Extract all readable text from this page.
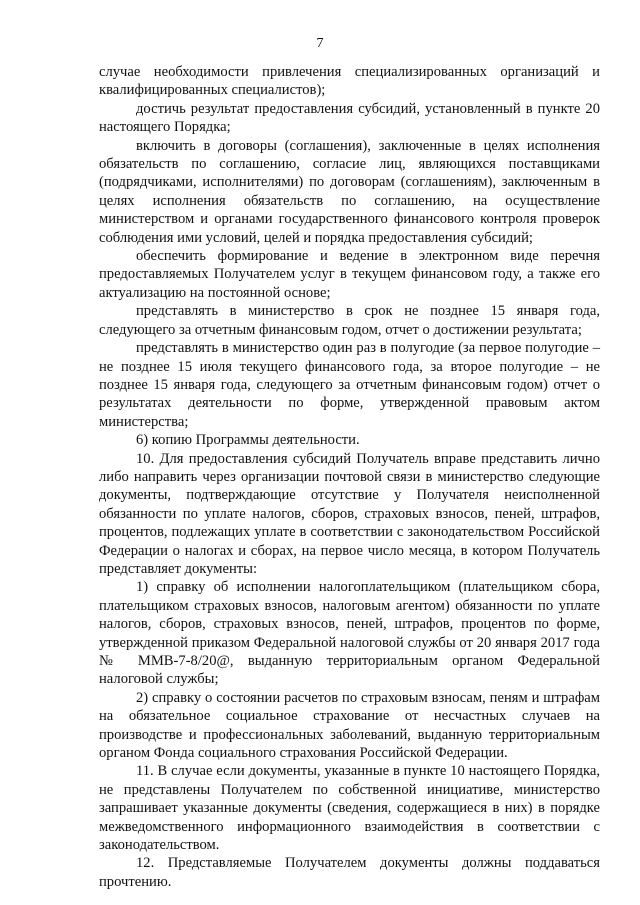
7

случае необходимости привлечения специализированных организаций и квалифицированных специалистов);

достичь результат предоставления субсидий, установленный в пункте 20 настоящего Порядка;

включить в договоры (соглашения), заключенные в целях исполнения обязательств по соглашению, согласие лиц, являющихся поставщиками (подрядчиками, исполнителями) по договорам (соглашениям), заключенным в целях исполнения обязательств по соглашению, на осуществление министерством и органами государственного финансового контроля проверок соблюдения ими условий, целей и порядка предоставления субсидий;

обеспечить формирование и ведение в электронном виде перечня предоставляемых Получателем услуг в текущем финансовом году, а также его актуализацию на постоянной основе;

представлять в министерство в срок не позднее 15 января года, следующего за отчетным финансовым годом, отчет о достижении результата;

представлять в министерство один раз в полугодие (за первое полугодие – не позднее 15 июля текущего финансового года, за второе полугодие – не позднее 15 января года, следующего за отчетным финансовым годом) отчет о результатах деятельности по форме, утвержденной правовым актом министерства;

6) копию Программы деятельности.

10. Для предоставления субсидий Получатель вправе представить лично либо направить через организации почтовой связи в министерство следующие документы, подтверждающие отсутствие у Получателя неисполненной обязанности по уплате налогов, сборов, страховых взносов, пеней, штрафов, процентов, подлежащих уплате в соответствии с законодательством Российской Федерации о налогах и сборах, на первое число месяца, в котором Получатель представляет документы:

1) справку об исполнении налогоплательщиком (плательщиком сбора, плательщиком страховых взносов, налоговым агентом) обязанности по уплате налогов, сборов, страховых взносов, пеней, штрафов, процентов по форме, утвержденной приказом Федеральной налоговой службы от 20 января 2017 года № ММВ-7-8/20@, выданную территориальным органом Федеральной налоговой службы;

2) справку о состоянии расчетов по страховым взносам, пеням и штрафам на обязательное социальное страхование от несчастных случаев на производстве и профессиональных заболеваний, выданную территориальным органом Фонда социального страхования Российской Федерации.

11. В случае если документы, указанные в пункте 10 настоящего Порядка, не представлены Получателем по собственной инициативе, министерство запрашивает указанные документы (сведения, содержащиеся в них) в порядке межведомственного информационного взаимодействия в соответствии с законодательством.

12. Представляемые Получателем документы должны поддаваться прочтению.
